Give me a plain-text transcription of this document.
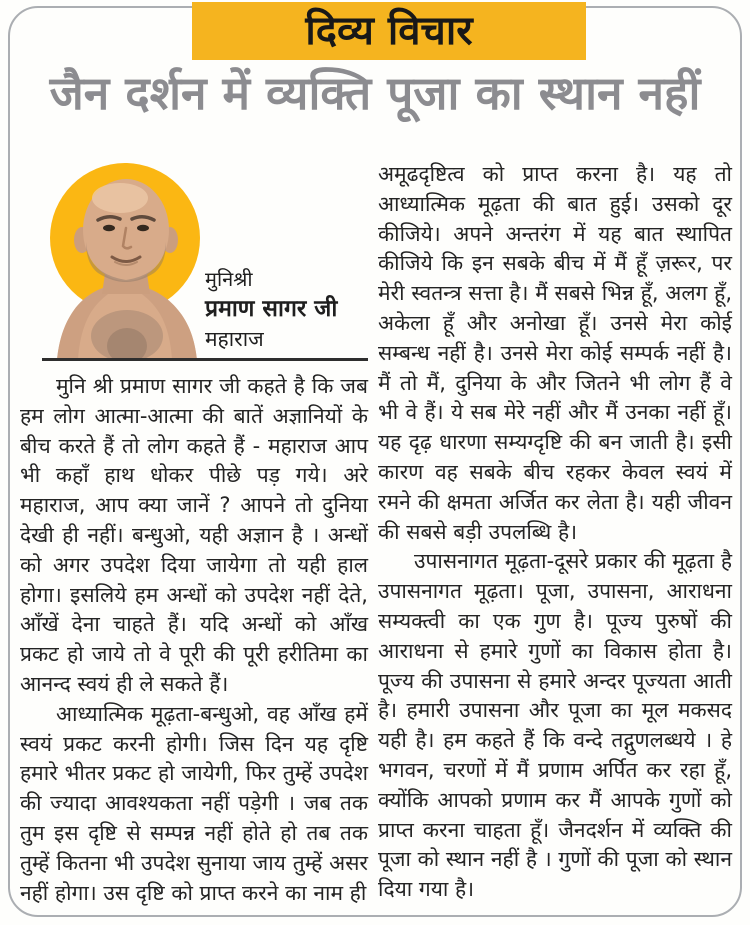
दिव्य विचार
जैन दर्शन में व्यक्ति पूजा का स्थान नहीं
मुनिश्री
प्रमाण सागर जी
महाराज

मुनि श्री प्रमाण सागर जी कहते है कि जब हम लोग आत्मा-आत्मा की बातें अज्ञानियों के बीच करते हैं तो लोग कहते हैं - महाराज आप भी कहाँ हाथ धोकर पीछे पड़ गये। अरे महाराज, आप क्या जानें ? आपने तो दुनिया देखी ही नहीं। बन्धुओ, यही अज्ञान है । अन्धों को अगर उपदेश दिया जायेगा तो यही हाल होगा। इसलिये हम अन्धों को उपदेश नहीं देते, आँखें देना चाहते हैं। यदि अन्धों को आँख प्रकट हो जाये तो वे पूरी की पूरी हरीतिमा का आनन्द स्वयं ही ले सकते हैं।

आध्यात्मिक मूढ़ता-बन्धुओ, वह आँख हमें स्वयं प्रकट करनी होगी। जिस दिन यह दृष्टि हमारे भीतर प्रकट हो जायेगी, फिर तुम्हें उपदेश की ज्यादा आवश्यकता नहीं पड़ेगी । जब तक तुम इस दृष्टि से सम्पन्न नहीं होते हो तब तक तुम्हें कितना भी उपदेश सुनाया जाय तुम्हें असर नहीं होगा। उस दृष्टि को प्राप्त करने का नाम ही

अमूढदृष्टित्व को प्राप्त करना है। यह तो आध्यात्मिक मूढ़ता की बात हुई। उसको दूर कीजिये। अपने अन्तरंग में यह बात स्थापित कीजिये कि इन सबके बीच में मैं हूँ ज़रूर, पर मेरी स्वतन्त्र सत्ता है। मैं सबसे भिन्न हूँ, अलग हूँ, अकेला हूँ और अनोखा हूँ। उनसे मेरा कोई सम्बन्ध नहीं है। उनसे मेरा कोई सम्पर्क नहीं है। मैं तो मैं, दुनिया के और जितने भी लोग हैं वे भी वे हैं। ये सब मेरे नहीं और मैं उनका नहीं हूँ। यह दृढ़ धारणा सम्यग्दृष्टि की बन जाती है। इसी कारण वह सबके बीच रहकर केवल स्वयं में रमने की क्षमता अर्जित कर लेता है। यही जीवन की सबसे बड़ी उपलब्धि है।

उपासनागत मूढ़ता-दूसरे प्रकार की मूढ़ता है उपासनागत मूढ़ता। पूजा, उपासना, आराधना सम्यक्त्वी का एक गुण है। पूज्य पुरुषों की आराधना से हमारे गुणों का विकास होता है। पूज्य की उपासना से हमारे अन्दर पूज्यता आती है। हमारी उपासना और पूजा का मूल मकसद यही है। हम कहते हैं कि वन्दे तद्गुणलब्धये । हे भगवन, चरणों में मैं प्रणाम अर्पित कर रहा हूँ, क्योंकि आपको प्रणाम कर मैं आपके गुणों को प्राप्त करना चाहता हूँ। जैनदर्शन में व्यक्ति की पूजा को स्थान नहीं है । गुणों की पूजा को स्थान दिया गया है।
